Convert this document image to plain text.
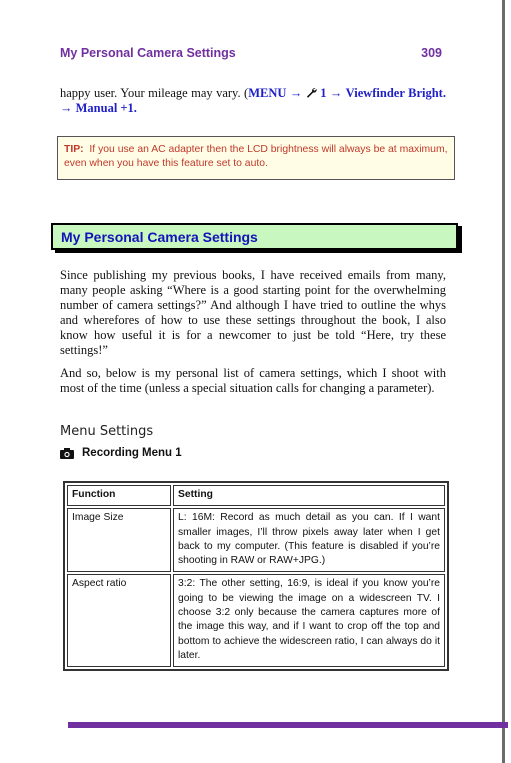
My Personal Camera Settings	309
happy user. Your mileage may vary. (MENU →  1 → Viewfinder Bright. → Manual +1.
TIP: If you use an AC adapter then the LCD brightness will always be at maximum, even when you have this feature set to auto.
My Personal Camera Settings
Since publishing my previous books, I have received emails from many, many people asking “Where is a good starting point for the overwhelming number of camera settings?” And although I have tried to outline the whys and wherefores of how to use these settings throughout the book, I also know how useful it is for a newcomer to just be told “Here, try these settings!”
And so, below is my personal list of camera settings, which I shoot with most of the time (unless a special situation calls for changing a parameter).
Menu Settings
Recording Menu 1
Function	Setting
Image Size	L: 16M: Record as much detail as you can. If I want smaller images, I’ll throw pixels away later when I get back to my computer. (This feature is disabled if you’re shooting in RAW or RAW+JPG.)
Aspect ratio	3:2: The other setting, 16:9, is ideal if you know you’re going to be viewing the image on a widescreen TV. I choose 3:2 only because the camera captures more of the image this way, and if I want to crop off the top and bottom to achieve the widescreen ratio, I can always do it later.
